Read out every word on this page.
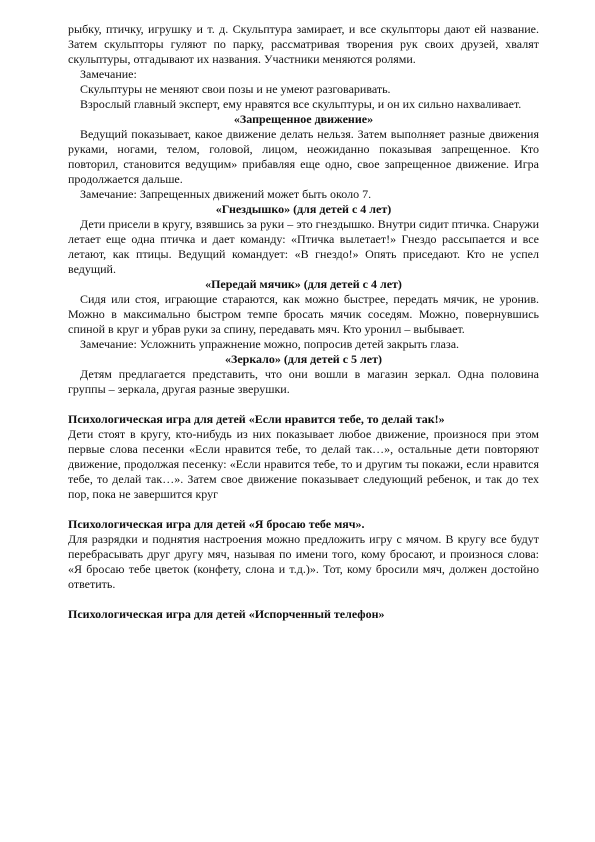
рыбку, птичку, игрушку и т. д. Скульптура замирает, и все скульпторы дают ей название. Затем скульпторы гуляют по парку, рассматривая творения рук своих друзей, хвалят скульптуры, отгадывают их названия. Участники меняются ролями.

Замечание:

Скульптуры не меняют свои позы и не умеют разговаривать.

Взрослый главный эксперт, ему нравятся все скульптуры, и он их сильно нахваливает.

«Запрещенное движение»

Ведущий показывает, какое движение делать нельзя. Затем выполняет разные движения руками, ногами, телом, головой, лицом, неожиданно показывая запрещенное. Кто повторил, становится ведущим» прибавляя еще одно, свое запрещенное движение. Игра продолжается дальше.

Замечание: Запрещенных движений может быть около 7.

«Гнездышко» (для детей с 4 лет)

Дети присели в кругу, взявшись за руки – это гнездышко. Внутри сидит птичка. Снаружи летает еще одна птичка и дает команду: «Птичка вылетает!» Гнездо рассыпается и все летают, как птицы. Ведущий командует: «В гнездо!» Опять приседают. Кто не успел ведущий.

«Передай мячик» (для детей с 4 лет)

Сидя или стоя, играющие стараются, как можно быстрее, передать мячик, не уронив. Можно в максимально быстром темпе бросать мячик соседям. Можно, повернувшись спиной в круг и убрав руки за спину, передавать мяч. Кто уронил – выбывает.

Замечание: Усложнить упражнение можно, попросив детей закрыть глаза.

«Зеркало» (для детей с 5 лет)

Детям предлагается представить, что они вошли в магазин зеркал. Одна половина группы – зеркала, другая разные зверушки.

Психологическая игра для детей «Если нравится тебе, то делай так!»

Дети стоят в кругу, кто-нибудь из них показывает любое движение, произнося при этом первые слова песенки «Если нравится тебе, то делай так…», остальные дети повторяют движение, продолжая песенку: «Если нравится тебе, то и другим ты покажи, если нравится тебе, то делай так…». Затем свое движение показывает следующий ребенок, и так до тех пор, пока не завершится круг

Психологическая игра для детей «Я бросаю тебе мяч».

Для разрядки и поднятия настроения можно предложить игру с мячом. В кругу все будут перебрасывать друг другу мяч, называя по имени того, кому бросают, и произнося слова: «Я бросаю тебе цветок (конфету, слона и т.д.)». Тот, кому бросили мяч, должен достойно ответить.

Психологическая игра для детей «Испорченный телефон»
